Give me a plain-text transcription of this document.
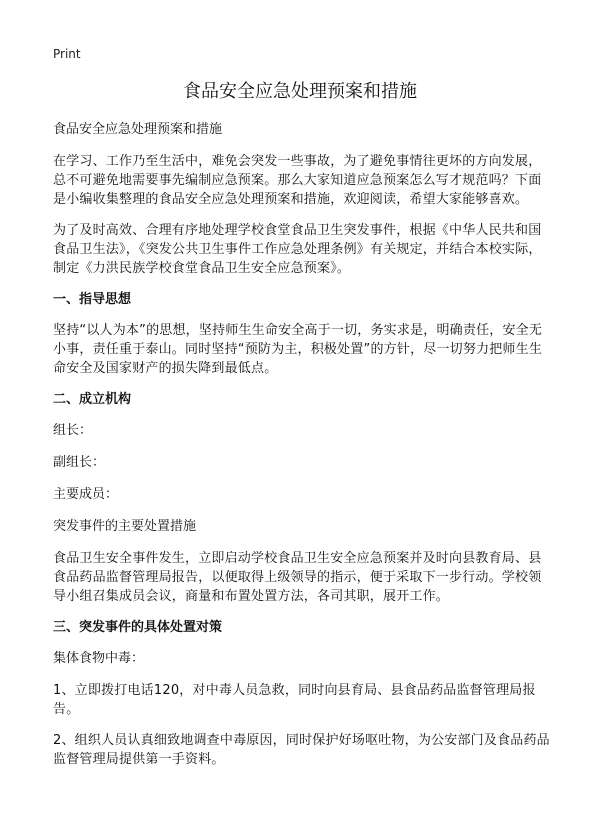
Print
食品安全应急处理预案和措施

食品安全应急处理预案和措施

在学习、工作乃至生活中，难免会突发一些事故，为了避免事情往更坏的方向发展，总不可避免地需要事先编制应急预案。那么大家知道应急预案怎么写才规范吗？下面是小编收集整理的食品安全应急处理预案和措施，欢迎阅读，希望大家能够喜欢。

为了及时高效、合理有序地处理学校食堂食品卫生突发事件，根据《中华人民共和国食品卫生法》，《突发公共卫生事件工作应急处理条例》有关规定，并结合本校实际，制定《力洪民族学校食堂食品卫生安全应急预案》。

一、指导思想

坚持“以人为本”的思想，坚持师生生命安全高于一切，务实求是，明确责任，安全无小事，责任重于泰山。同时坚持“预防为主，积极处置”的方针，尽一切努力把师生生命安全及国家财产的损失降到最低点。

二、成立机构

组长：

副组长：

主要成员：

突发事件的主要处置措施

食品卫生安全事件发生，立即启动学校食品卫生安全应急预案并及时向县教育局、县食品药品监督管理局报告，以便取得上级领导的指示，便于采取下一步行动。学校领导小组召集成员会议，商量和布置处置方法，各司其职，展开工作。

三、突发事件的具体处置对策

集体食物中毒：

1、立即拨打电话120，对中毒人员急救，同时向县育局、县食品药品监督管理局报告。

2、组织人员认真细致地调查中毒原因，同时保护好场呕吐物，为公安部门及食品药品监督管理局提供第一手资料。
